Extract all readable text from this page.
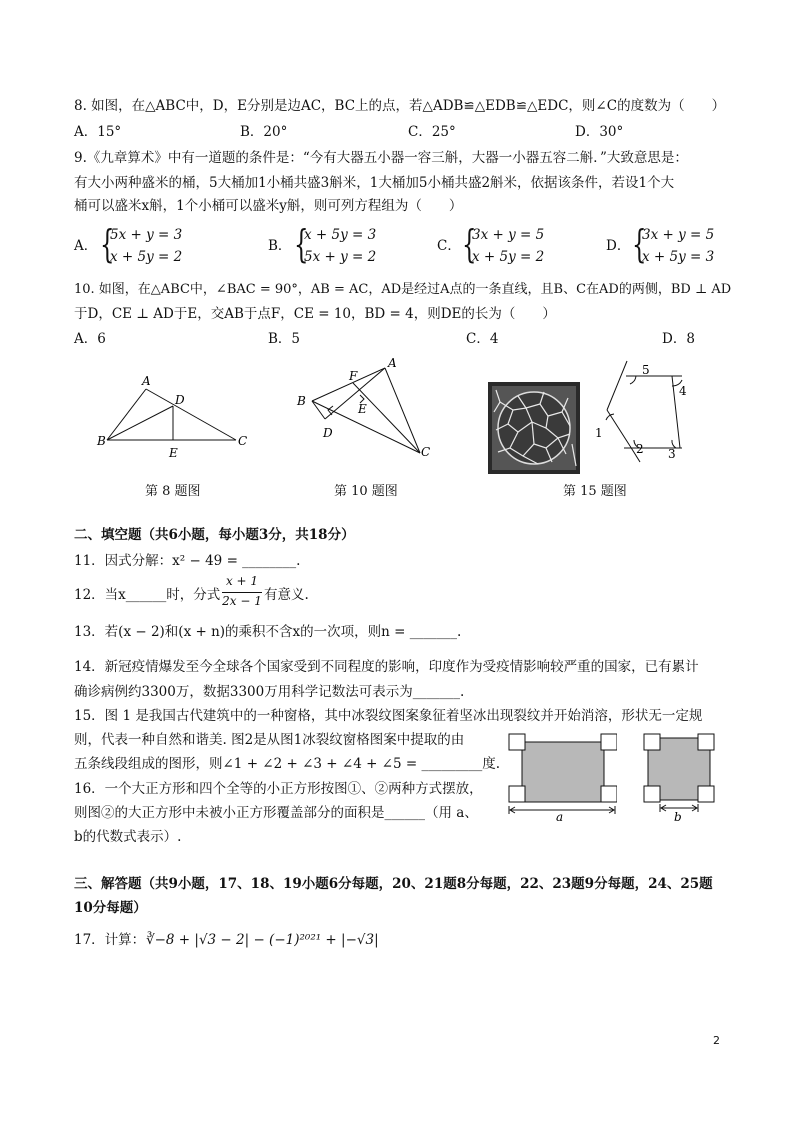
8. 如图，在△ABC中，D，E分别是边AC，BC上的点，若△ADB≌△EDB≌△EDC，则∠C的度数为（　　）
A．15°	B．20°	C．25°	D．30°
9.《九章算术》中有一道题的条件是：“今有大器五小器一容三斛，大器一小器五容二斛．”大致意思是：
有大小两种盛米的桶，5大桶加1小桶共盛3斛米，1大桶加5小桶共盛2斛米，依据该条件，若设1个大
桶可以盛米x斛，1个小桶可以盛米y斛，则可列方程组为（　　）
A． {
5x + y = 3
x + 5y = 2
B． {
x + 5y = 3
5x + y = 2
C． {
3x + y = 5
x + 5y = 2
D． {
3x + y = 5
x + 5y = 3
10. 如图，在△ABC中，∠BAC = 90°，AB = AC，AD是经过A点的一条直线，且B、C在AD的两侧，BD ⊥ AD
于D，CE ⊥ AD于E，交AB于点F，CE = 10，BD = 4，则DE的长为（　　）
A．6	B．5	C．4	D．8
A
B	C
D
E
第 8 题图
A
B
C
D
E
F
第 10 题图
5
4
1
2 3
第 15 题图
二、填空题（共6小题，每小题3分，共18分）
11．因式分解：x² − 49 = ________.
12．当x______时，分式
x + 1
2x − 1 有意义.
13．若(x − 2)和(x + n)的乘积不含x的一次项，则n = _______.
14．新冠疫情爆发至今全球各个国家受到不同程度的影响，印度作为受疫情影响较严重的国家，已有累计
确诊病例约3300万，数据3300万用科学记数法可表示为_______.
15．图 1 是我国古代建筑中的一种窗格，其中冰裂纹图案象征着坚冰出现裂纹并开始消溶，形状无一定规
则，代表一种自然和谐美. 图2是从图1冰裂纹窗格图案中提取的由
五条线段组成的图形，则∠1 + ∠2 + ∠3 + ∠4 + ∠5 = _________度.
16．一个大正方形和四个全等的小正方形按图①、②两种方式摆放，
则图②的大正方形中未被小正方形覆盖部分的面积是______（用 a、
b的代数式表示）.
a	b
三、解答题（共9小题，17、18、19小题6分每题，20、21题8分每题，22、23题9分每题，24、25题
10分每题）
17．计算： ∛−8 + |√3 − 2| − (−1)²⁰²¹ + |−√3|
2
